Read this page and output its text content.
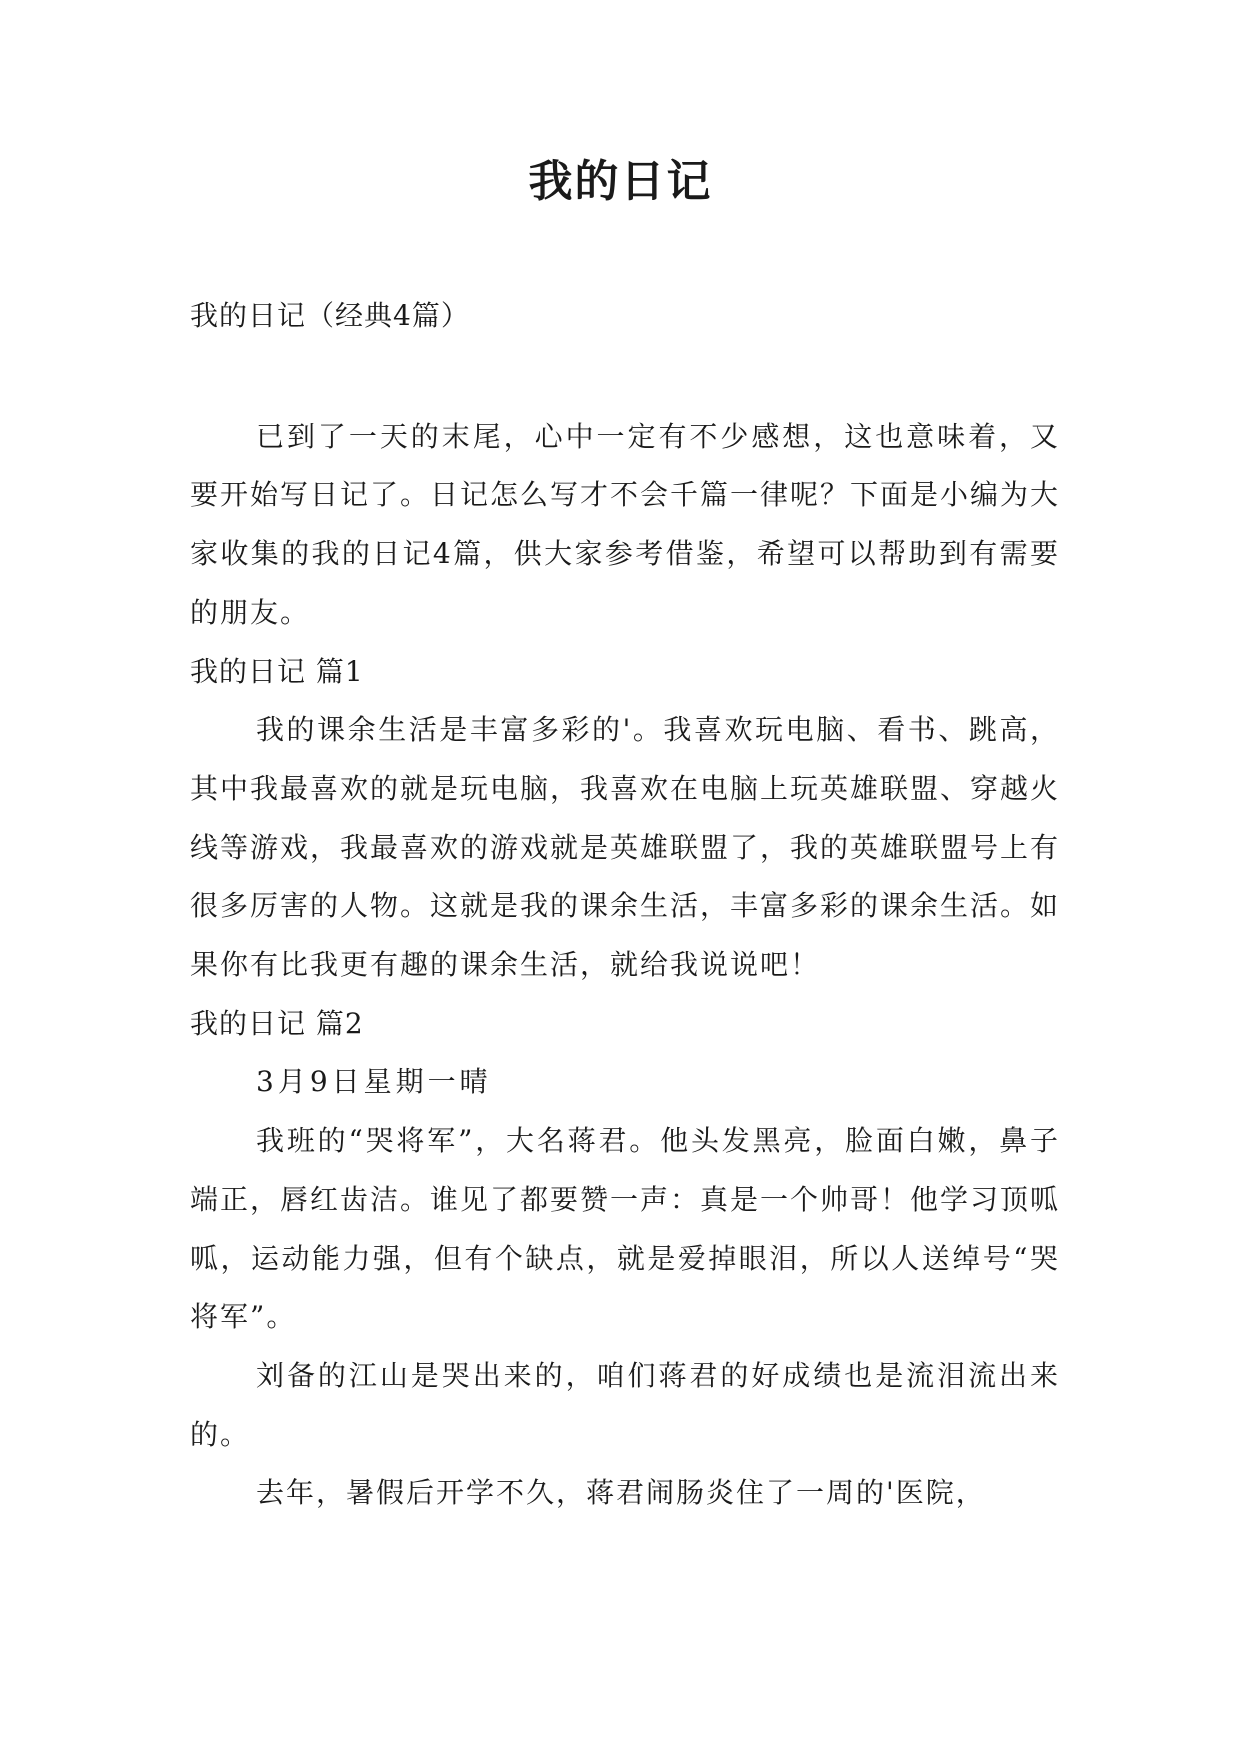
我的日记

我的日记（经典4篇）

已到了一天的末尾，心中一定有不少感想，这也意味着，又要开始写日记了。日记怎么写才不会千篇一律呢？下面是小编为大家收集的我的日记4篇，供大家参考借鉴，希望可以帮助到有需要的朋友。

我的日记 篇1

我的课余生活是丰富多彩的'。我喜欢玩电脑、看书、跳高，其中我最喜欢的就是玩电脑，我喜欢在电脑上玩英雄联盟、穿越火线等游戏，我最喜欢的游戏就是英雄联盟了，我的英雄联盟号上有很多厉害的人物。这就是我的课余生活，丰富多彩的课余生活。如果你有比我更有趣的课余生活，就给我说说吧！

我的日记 篇2

3月9日星期一晴

我班的“哭将军”，大名蒋君。他头发黑亮，脸面白嫩，鼻子端正，唇红齿洁。谁见了都要赞一声：真是一个帅哥！他学习顶呱呱，运动能力强，但有个缺点，就是爱掉眼泪，所以人送绰号“哭将军”。

刘备的江山是哭出来的，咱们蒋君的好成绩也是流泪流出来的。

去年，暑假后开学不久，蒋君闹肠炎住了一周的'医院，
